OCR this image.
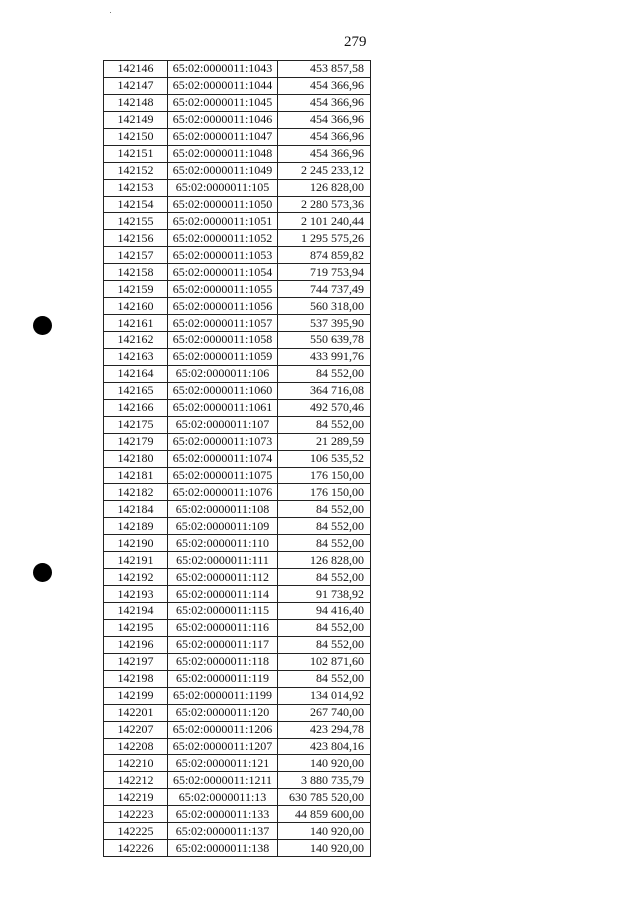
279
142146	65:02:0000011:1043	453 857,58
142147	65:02:0000011:1044	454 366,96
142148	65:02:0000011:1045	454 366,96
142149	65:02:0000011:1046	454 366,96
142150	65:02:0000011:1047	454 366,96
142151	65:02:0000011:1048	454 366,96
142152	65:02:0000011:1049	2 245 233,12
142153	65:02:0000011:105	126 828,00
142154	65:02:0000011:1050	2 280 573,36
142155	65:02:0000011:1051	2 101 240,44
142156	65:02:0000011:1052	1 295 575,26
142157	65:02:0000011:1053	874 859,82
142158	65:02:0000011:1054	719 753,94
142159	65:02:0000011:1055	744 737,49
142160	65:02:0000011:1056	560 318,00
142161	65:02:0000011:1057	537 395,90
142162	65:02:0000011:1058	550 639,78
142163	65:02:0000011:1059	433 991,76
142164	65:02:0000011:106	84 552,00
142165	65:02:0000011:1060	364 716,08
142166	65:02:0000011:1061	492 570,46
142175	65:02:0000011:107	84 552,00
142179	65:02:0000011:1073	21 289,59
142180	65:02:0000011:1074	106 535,52
142181	65:02:0000011:1075	176 150,00
142182	65:02:0000011:1076	176 150,00
142184	65:02:0000011:108	84 552,00
142189	65:02:0000011:109	84 552,00
142190	65:02:0000011:110	84 552,00
142191	65:02:0000011:111	126 828,00
142192	65:02:0000011:112	84 552,00
142193	65:02:0000011:114	91 738,92
142194	65:02:0000011:115	94 416,40
142195	65:02:0000011:116	84 552,00
142196	65:02:0000011:117	84 552,00
142197	65:02:0000011:118	102 871,60
142198	65:02:0000011:119	84 552,00
142199	65:02:0000011:1199	134 014,92
142201	65:02:0000011:120	267 740,00
142207	65:02:0000011:1206	423 294,78
142208	65:02:0000011:1207	423 804,16
142210	65:02:0000011:121	140 920,00
142212	65:02:0000011:1211	3 880 735,79
142219	65:02:0000011:13	630 785 520,00
142223	65:02:0000011:133	44 859 600,00
142225	65:02:0000011:137	140 920,00
142226	65:02:0000011:138	140 920,00
